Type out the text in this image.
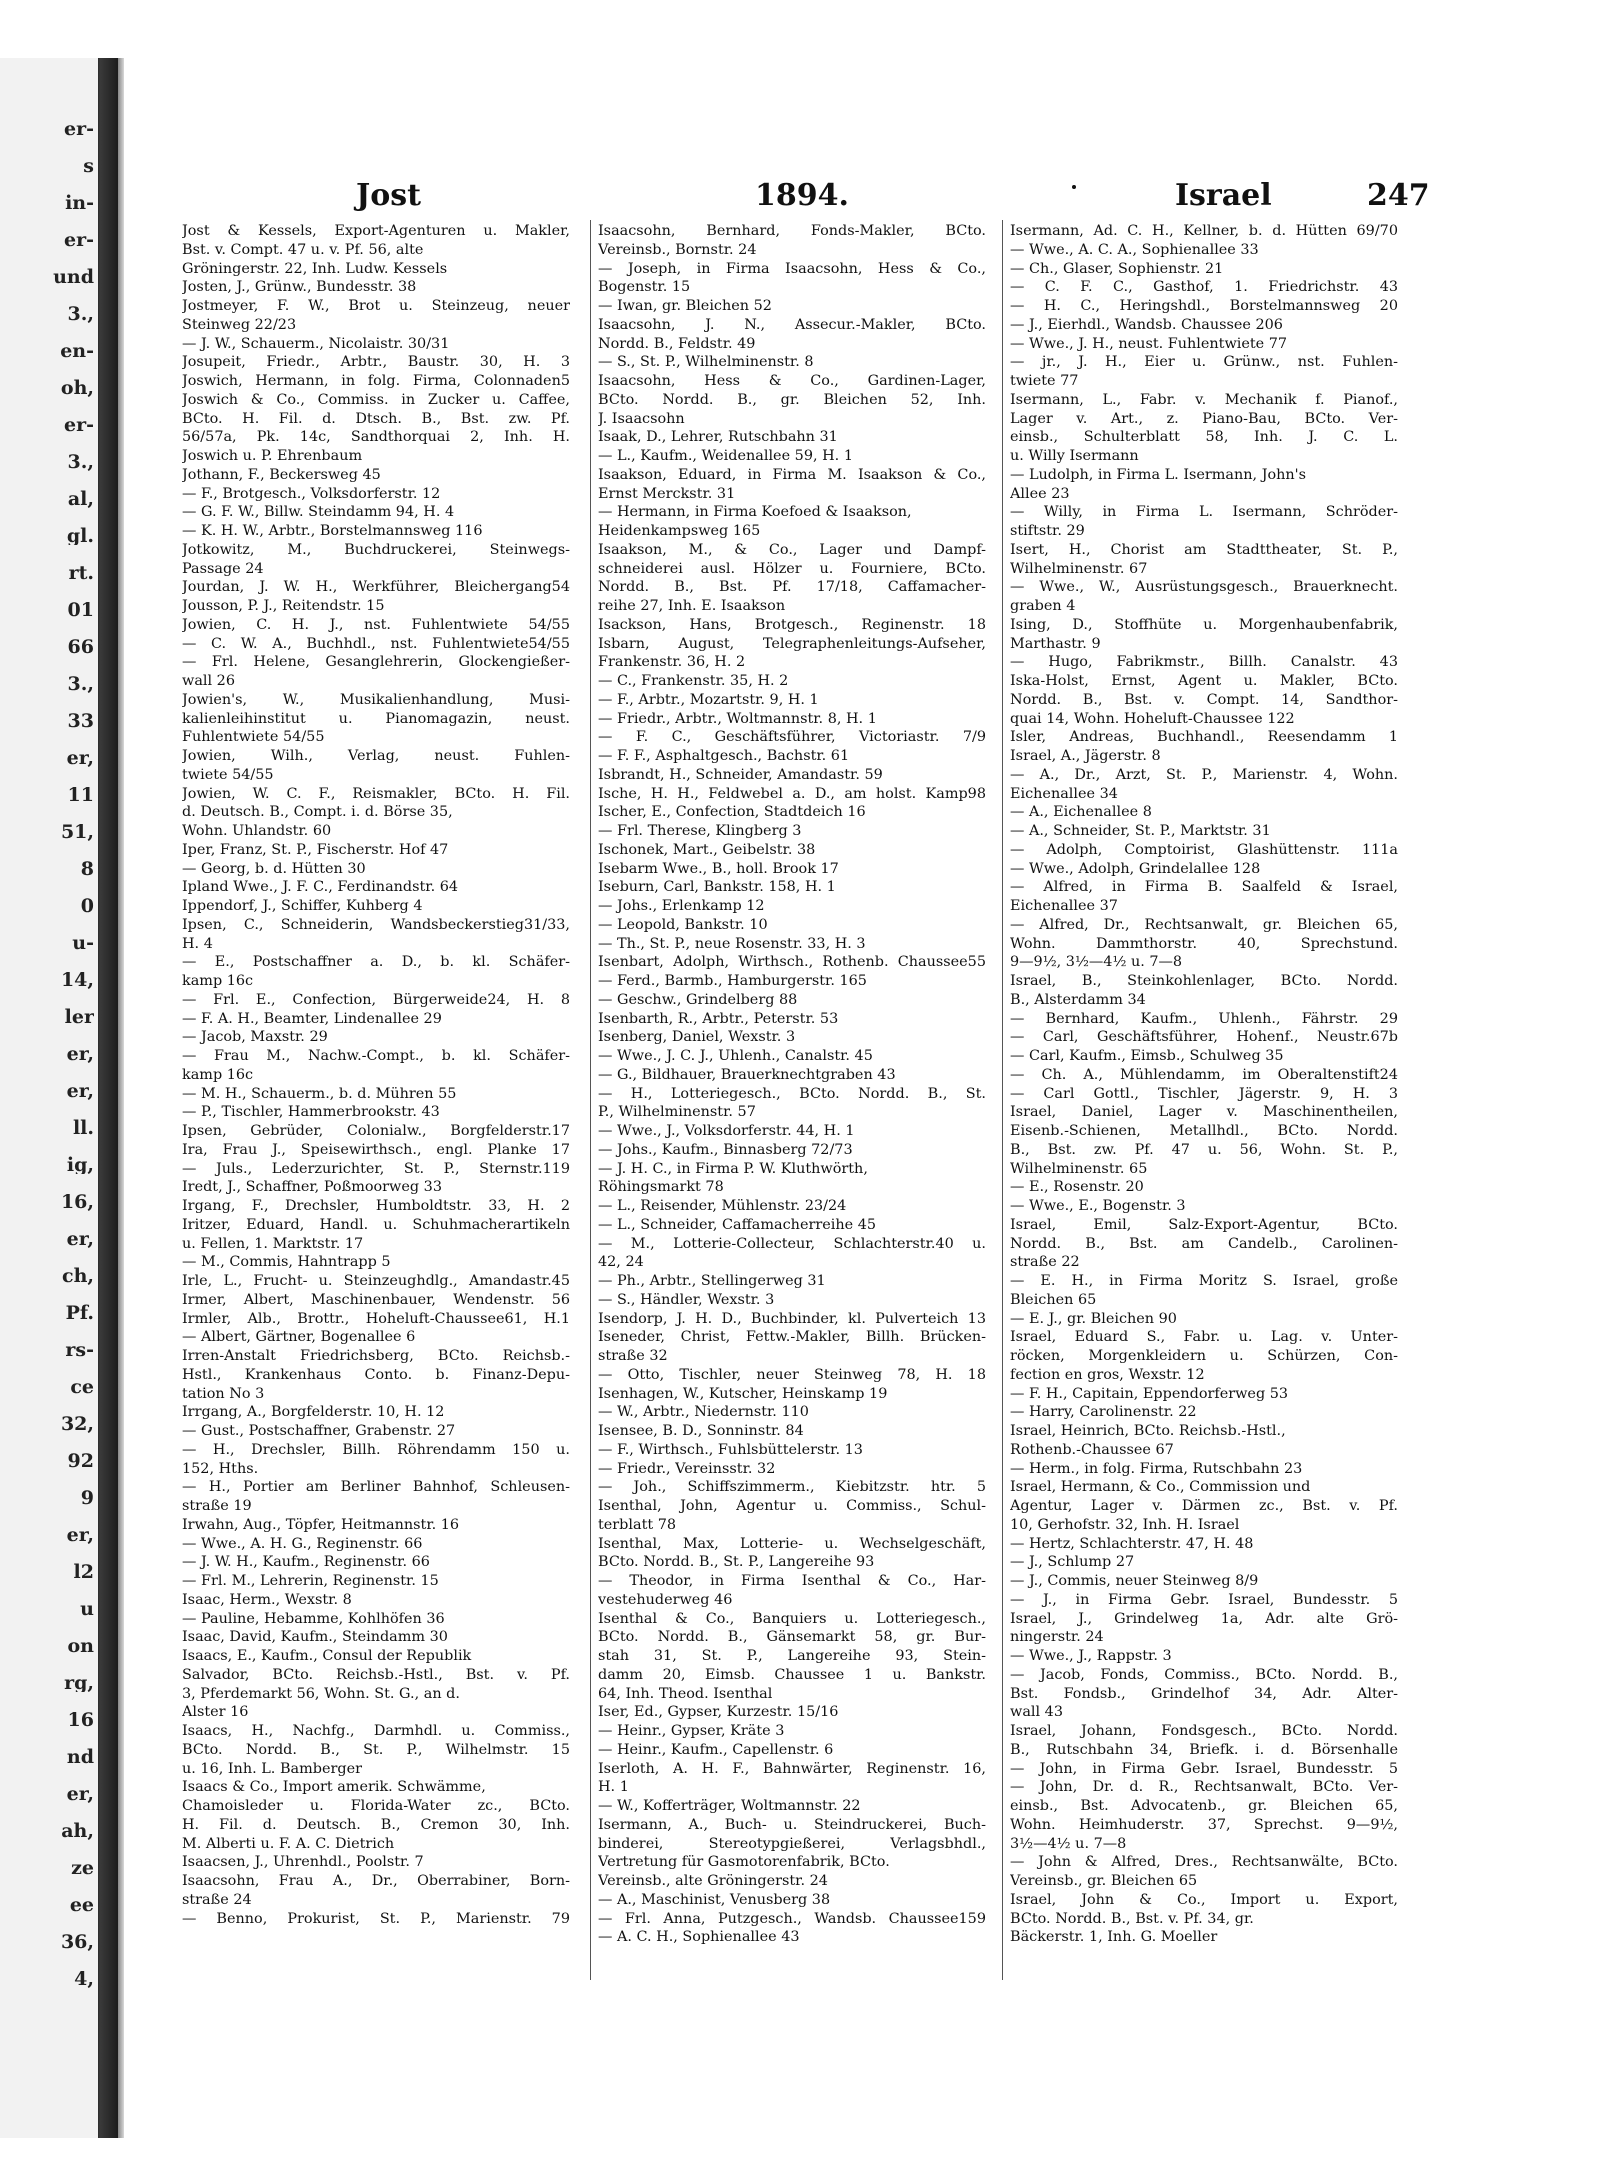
er-
s
in-
er-
und
3.,
en-
oh,
er-
3.,
al,
gl.
rt.
01
66
3.,
33
er,
11
51,
8
0
u-
14,
ler
er,
er,
ll.
ig,
16,
er,
ch,
Pf.
rs-
ce
32,
92
9
er,
l2
u
on
rg,
16
nd
er,
ah,
ze
ee
36,
4,
Jost	1894.	Israel	247
Jost & Kessels, Export-Agenturen u. Makler,
Bst. v. Compt. 47 u. v. Pf. 56, alte
Gröningerstr. 22, Inh. Ludw. Kessels
Josten, J., Grünw., Bundesstr. 38
Jostmeyer, F. W., Brot u. Steinzeug, neuer
Steinweg 22/23
— J. W., Schauerm., Nicolaistr. 30/31
Josupeit, Friedr., Arbtr., Baustr. 30, H. 3
Joswich, Hermann, in folg. Firma, Colonnaden5
Joswich & Co., Commiss. in Zucker u. Caffee,
BCto. H. Fil. d. Dtsch. B., Bst. zw. Pf.
56/57a, Pk. 14c, Sandthorquai 2, Inh. H.
Joswich u. P. Ehrenbaum
Jothann, F., Beckersweg 45
— F., Brotgesch., Volksdorferstr. 12
— G. F. W., Billw. Steindamm 94, H. 4
— K. H. W., Arbtr., Borstelmannsweg 116
Jotkowitz, M., Buchdruckerei, Steinwegs-
Passage 24
Jourdan, J. W. H., Werkführer, Bleichergang54
Jousson, P. J., Reitendstr. 15
Jowien, C. H. J., nst. Fuhlentwiete 54/55
— C. W. A., Buchhdl., nst. Fuhlentwiete54/55
— Frl. Helene, Gesanglehrerin, Glockengießer-
wall 26
Jowien's, W., Musikalienhandlung, Musi-
kalienleihinstitut u. Pianomagazin, neust.
Fuhlentwiete 54/55
Jowien, Wilh., Verlag, neust. Fuhlen-
twiete 54/55
Jowien, W. C. F., Reismakler, BCto. H. Fil.
d. Deutsch. B., Compt. i. d. Börse 35,
Wohn. Uhlandstr. 60
Iper, Franz, St. P., Fischerstr. Hof 47
— Georg, b. d. Hütten 30
Ipland Wwe., J. F. C., Ferdinandstr. 64
Ippendorf, J., Schiffer, Kuhberg 4
Ipsen, C., Schneiderin, Wandsbeckerstieg31/33,
H. 4
— E., Postschaffner a. D., b. kl. Schäfer-
kamp 16c
— Frl. E., Confection, Bürgerweide24, H. 8
— F. A. H., Beamter, Lindenallee 29
— Jacob, Maxstr. 29
— Frau M., Nachw.-Compt., b. kl. Schäfer-
kamp 16c
— M. H., Schauerm., b. d. Mühren 55
— P., Tischler, Hammerbrookstr. 43
Ipsen, Gebrüder, Colonialw., Borgfelderstr.17
Ira, Frau J., Speisewirthsch., engl. Planke 17
— Juls., Lederzurichter, St. P., Sternstr.119
Iredt, J., Schaffner, Poßmoorweg 33
Irgang, F., Drechsler, Humboldtstr. 33, H. 2
Iritzer, Eduard, Handl. u. Schuhmacherartikeln
u. Fellen, 1. Marktstr. 17
— M., Commis, Hahntrapp 5
Irle, L., Frucht- u. Steinzeughdlg., Amandastr.45
Irmer, Albert, Maschinenbauer, Wendenstr. 56
Irmler, Alb., Brottr., Hoheluft-Chaussee61, H.1
— Albert, Gärtner, Bogenallee 6
Irren-Anstalt Friedrichsberg, BCto. Reichsb.-
Hstl., Krankenhaus Conto. b. Finanz-Depu-
tation No 3
Irrgang, A., Borgfelderstr. 10, H. 12
— Gust., Postschaffner, Grabenstr. 27
— H., Drechsler, Billh. Röhrendamm 150 u.
152, Hths.
— H., Portier am Berliner Bahnhof, Schleusen-
straße 19
Irwahn, Aug., Töpfer, Heitmannstr. 16
— Wwe., A. H. G., Reginenstr. 66
— J. W. H., Kaufm., Reginenstr. 66
— Frl. M., Lehrerin, Reginenstr. 15
Isaac, Herm., Wexstr. 8
— Pauline, Hebamme, Kohlhöfen 36
Isaac, David, Kaufm., Steindamm 30
Isaacs, E., Kaufm., Consul der Republik
Salvador, BCto. Reichsb.-Hstl., Bst. v. Pf.
3, Pferdemarkt 56, Wohn. St. G., an d.
Alster 16
Isaacs, H., Nachfg., Darmhdl. u. Commiss.,
BCto. Nordd. B., St. P., Wilhelmstr. 15
u. 16, Inh. L. Bamberger
Isaacs & Co., Import amerik. Schwämme,
Chamoisleder u. Florida-Water zc., BCto.
H. Fil. d. Deutsch. B., Cremon 30, Inh.
M. Alberti u. F. A. C. Dietrich
Isaacsen, J., Uhrenhdl., Poolstr. 7
Isaacsohn, Frau A., Dr., Oberrabiner, Born-
straße 24
— Benno, Prokurist, St. P., Marienstr. 79
Isaacsohn, Bernhard, Fonds-Makler, BCto.
Vereinsb., Bornstr. 24
— Joseph, in Firma Isaacsohn, Hess & Co.,
Bogenstr. 15
— Iwan, gr. Bleichen 52
Isaacsohn, J. N., Assecur.-Makler, BCto.
Nordd. B., Feldstr. 49
— S., St. P., Wilhelminenstr. 8
Isaacsohn, Hess & Co., Gardinen-Lager,
BCto. Nordd. B., gr. Bleichen 52, Inh.
J. Isaacsohn
Isaak, D., Lehrer, Rutschbahn 31
— L., Kaufm., Weidenallee 59, H. 1
Isaakson, Eduard, in Firma M. Isaakson & Co.,
Ernst Merckstr. 31
— Hermann, in Firma Koefoed & Isaakson,
Heidenkampsweg 165
Isaakson, M., & Co., Lager und Dampf-
schneiderei ausl. Hölzer u. Fourniere, BCto.
Nordd. B., Bst. Pf. 17/18, Caffamacher-
reihe 27, Inh. E. Isaakson
Isackson, Hans, Brotgesch., Reginenstr. 18
Isbarn, August, Telegraphenleitungs-Aufseher,
Frankenstr. 36, H. 2
— C., Frankenstr. 35, H. 2
— F., Arbtr., Mozartstr. 9, H. 1
— Friedr., Arbtr., Woltmannstr. 8, H. 1
— F. C., Geschäftsführer, Victoriastr. 7/9
— F. F., Asphaltgesch., Bachstr. 61
Isbrandt, H., Schneider, Amandastr. 59
Ische, H. H., Feldwebel a. D., am holst. Kamp98
Ischer, E., Confection, Stadtdeich 16
— Frl. Therese, Klingberg 3
Ischonek, Mart., Geibelstr. 38
Isebarm Wwe., B., holl. Brook 17
Iseburn, Carl, Bankstr. 158, H. 1
— Johs., Erlenkamp 12
— Leopold, Bankstr. 10
— Th., St. P., neue Rosenstr. 33, H. 3
Isenbart, Adolph, Wirthsch., Rothenb. Chaussee55
— Ferd., Barmb., Hamburgerstr. 165
— Geschw., Grindelberg 88
Isenbarth, R., Arbtr., Peterstr. 53
Isenberg, Daniel, Wexstr. 3
— Wwe., J. C. J., Uhlenh., Canalstr. 45
— G., Bildhauer, Brauerknechtgraben 43
— H., Lotteriegesch., BCto. Nordd. B., St.
P., Wilhelminenstr. 57
— Wwe., J., Volksdorferstr. 44, H. 1
— Johs., Kaufm., Binnasberg 72/73
— J. H. C., in Firma P. W. Kluthwörth,
Röhingsmarkt 78
— L., Reisender, Mühlenstr. 23/24
— L., Schneider, Caffamacherreihe 45
— M., Lotterie-Collecteur, Schlachterstr.40 u.
42, 24
— Ph., Arbtr., Stellingerweg 31
— S., Händler, Wexstr. 3
Isendorp, J. H. D., Buchbinder, kl. Pulverteich 13
Iseneder, Christ, Fettw.-Makler, Billh. Brücken-
straße 32
— Otto, Tischler, neuer Steinweg 78, H. 18
Isenhagen, W., Kutscher, Heinskamp 19
— W., Arbtr., Niedernstr. 110
Isensee, B. D., Sonninstr. 84
— F., Wirthsch., Fuhlsbüttelerstr. 13
— Friedr., Vereinsstr. 32
— Joh., Schiffszimmerm., Kiebitzstr. htr. 5
Isenthal, John, Agentur u. Commiss., Schul-
terblatt 78
Isenthal, Max, Lotterie- u. Wechselgeschäft,
BCto. Nordd. B., St. P., Langereihe 93
— Theodor, in Firma Isenthal & Co., Har-
vestehuderweg 46
Isenthal & Co., Banquiers u. Lotteriegesch.,
BCto. Nordd. B., Gänsemarkt 58, gr. Bur-
stah 31, St. P., Langereihe 93, Stein-
damm 20, Eimsb. Chaussee 1 u. Bankstr.
64, Inh. Theod. Isenthal
Iser, Ed., Gypser, Kurzestr. 15/16
— Heinr., Gypser, Kräte 3
— Heinr., Kaufm., Capellenstr. 6
Iserloth, A. H. F., Bahnwärter, Reginenstr. 16,
H. 1
— W., Kofferträger, Woltmannstr. 22
Isermann, A., Buch- u. Steindruckerei, Buch-
binderei, Stereotypgießerei, Verlagsbhdl.,
Vertretung für Gasmotorenfabrik, BCto.
Vereinsb., alte Gröningerstr. 24
— A., Maschinist, Venusberg 38
— Frl. Anna, Putzgesch., Wandsb. Chaussee159
— A. C. H., Sophienallee 43
Isermann, Ad. C. H., Kellner, b. d. Hütten 69/70
— Wwe., A. C. A., Sophienallee 33
— Ch., Glaser, Sophienstr. 21
— C. F. C., Gasthof, 1. Friedrichstr. 43
— H. C., Heringshdl., Borstelmannsweg 20
— J., Eierhdl., Wandsb. Chaussee 206
— Wwe., J. H., neust. Fuhlentwiete 77
— jr., J. H., Eier u. Grünw., nst. Fuhlen-
twiete 77
Isermann, L., Fabr. v. Mechanik f. Pianof.,
Lager v. Art., z. Piano-Bau, BCto. Ver-
einsb., Schulterblatt 58, Inh. J. C. L.
u. Willy Isermann
— Ludolph, in Firma L. Isermann, John's
Allee 23
— Willy, in Firma L. Isermann, Schröder-
stiftstr. 29
Isert, H., Chorist am Stadttheater, St. P.,
Wilhelminenstr. 67
— Wwe., W., Ausrüstungsgesch., Brauerknecht.
graben 4
Ising, D., Stoffhüte u. Morgenhaubenfabrik,
Marthastr. 9
— Hugo, Fabrikmstr., Billh. Canalstr. 43
Iska-Holst, Ernst, Agent u. Makler, BCto.
Nordd. B., Bst. v. Compt. 14, Sandthor-
quai 14, Wohn. Hoheluft-Chaussee 122
Isler, Andreas, Buchhandl., Reesendamm 1
Israel, A., Jägerstr. 8
— A., Dr., Arzt, St. P., Marienstr. 4, Wohn.
Eichenallee 34
— A., Eichenallee 8
— A., Schneider, St. P., Marktstr. 31
— Adolph, Comptoirist, Glashüttenstr. 111a
— Wwe., Adolph, Grindelallee 128
— Alfred, in Firma B. Saalfeld & Israel,
Eichenallee 37
— Alfred, Dr., Rechtsanwalt, gr. Bleichen 65,
Wohn. Dammthorstr. 40, Sprechstund.
9—9½, 3½—4½ u. 7—8
Israel, B., Steinkohlenlager, BCto. Nordd.
B., Alsterdamm 34
— Bernhard, Kaufm., Uhlenh., Fährstr. 29
— Carl, Geschäftsführer, Hohenf., Neustr.67b
— Carl, Kaufm., Eimsb., Schulweg 35
— Ch. A., Mühlendamm, im Oberaltenstift24
— Carl Gottl., Tischler, Jägerstr. 9, H. 3
Israel, Daniel, Lager v. Maschinentheilen,
Eisenb.-Schienen, Metallhdl., BCto. Nordd.
B., Bst. zw. Pf. 47 u. 56, Wohn. St. P.,
Wilhelminenstr. 65
— E., Rosenstr. 20
— Wwe., E., Bogenstr. 3
Israel, Emil, Salz-Export-Agentur, BCto.
Nordd. B., Bst. am Candelb., Carolinen-
straße 22
— E. H., in Firma Moritz S. Israel, große
Bleichen 65
— E. J., gr. Bleichen 90
Israel, Eduard S., Fabr. u. Lag. v. Unter-
röcken, Morgenkleidern u. Schürzen, Con-
fection en gros, Wexstr. 12
— F. H., Capitain, Eppendorferweg 53
— Harry, Carolinenstr. 22
Israel, Heinrich, BCto. Reichsb.-Hstl.,
Rothenb.-Chaussee 67
— Herm., in folg. Firma, Rutschbahn 23
Israel, Hermann, & Co., Commission und
Agentur, Lager v. Därmen zc., Bst. v. Pf.
10, Gerhofstr. 32, Inh. H. Israel
— Hertz, Schlachterstr. 47, H. 48
— J., Schlump 27
— J., Commis, neuer Steinweg 8/9
— J., in Firma Gebr. Israel, Bundesstr. 5
Israel, J., Grindelweg 1a, Adr. alte Grö-
ningerstr. 24
— Wwe., J., Rappstr. 3
— Jacob, Fonds, Commiss., BCto. Nordd. B.,
Bst. Fondsb., Grindelhof 34, Adr. Alter-
wall 43
Israel, Johann, Fondsgesch., BCto. Nordd.
B., Rutschbahn 34, Briefk. i. d. Börsenhalle
— John, in Firma Gebr. Israel, Bundesstr. 5
— John, Dr. d. R., Rechtsanwalt, BCto. Ver-
einsb., Bst. Advocatenb., gr. Bleichen 65,
Wohn. Heimhuderstr. 37, Sprechst. 9—9½,
3½—4½ u. 7—8
— John & Alfred, Dres., Rechtsanwälte, BCto.
Vereinsb., gr. Bleichen 65
Israel, John & Co., Import u. Export,
BCto. Nordd. B., Bst. v. Pf. 34, gr.
Bäckerstr. 1, Inh. G. Moeller
